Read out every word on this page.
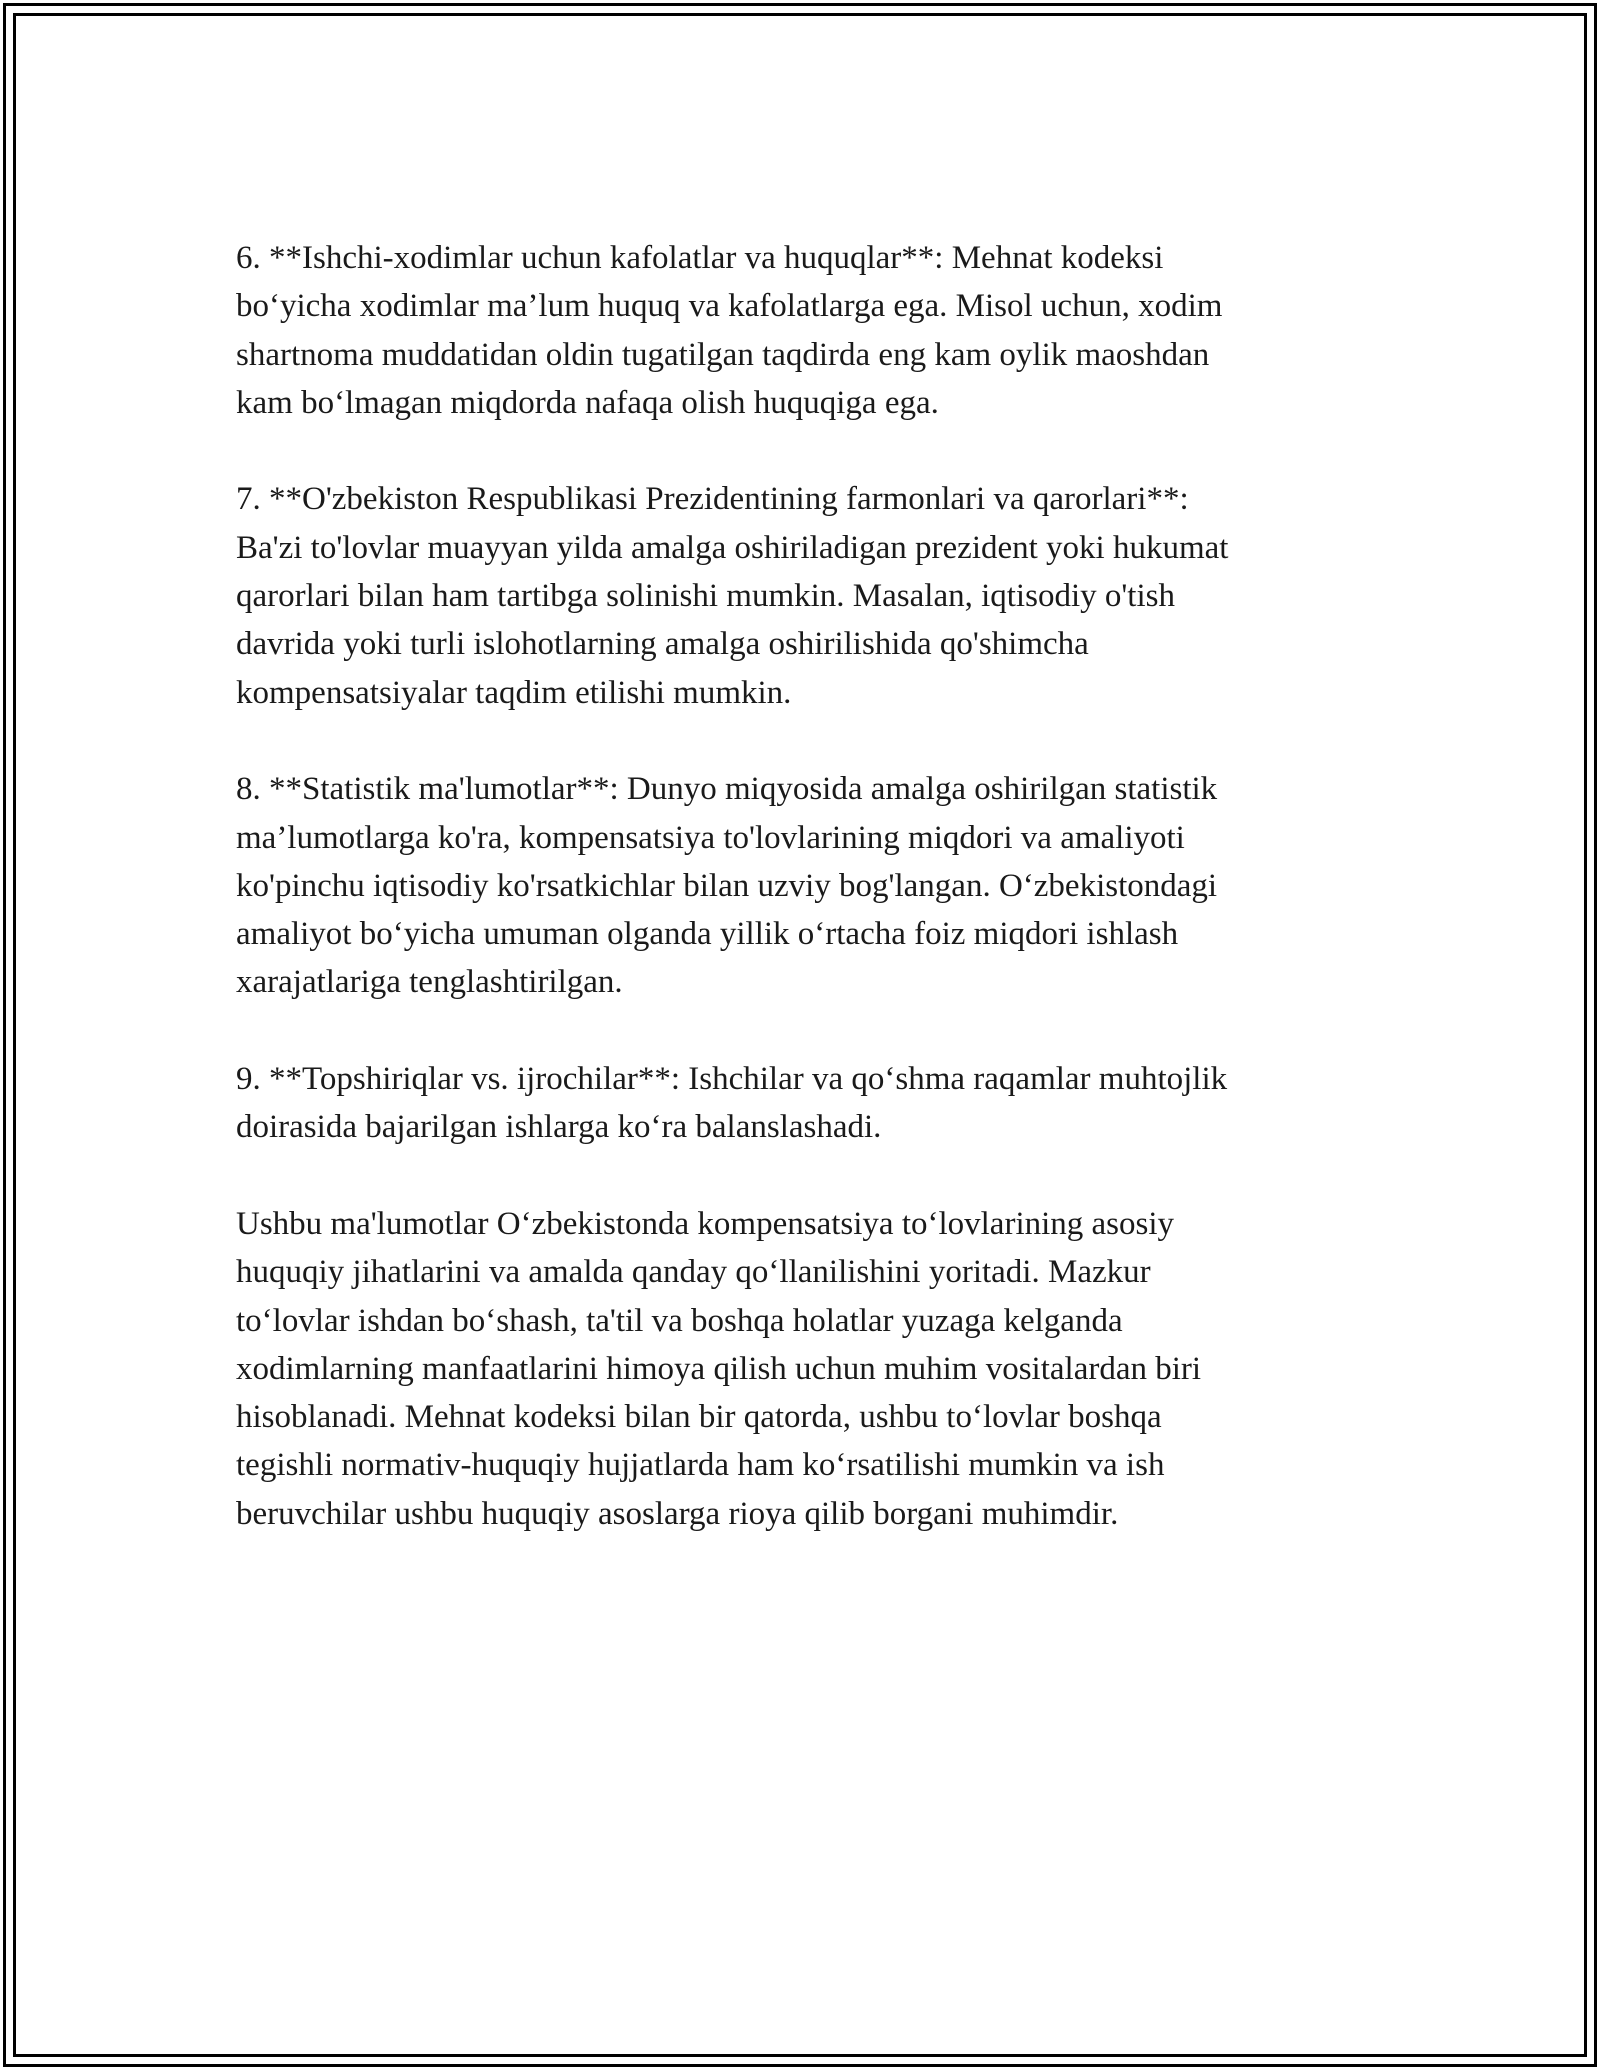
6. **Ishchi-xodimlar uchun kafolatlar va huquqlar**: Mehnat kodeksi
bo‘yicha xodimlar ma’lum huquq va kafolatlarga ega. Misol uchun, xodim
shartnoma muddatidan oldin tugatilgan taqdirda eng kam oylik maoshdan
kam bo‘lmagan miqdorda nafaqa olish huquqiga ega.

7. **O'zbekiston Respublikasi Prezidentining farmonlari va qarorlari**:
Ba'zi to'lovlar muayyan yilda amalga oshiriladigan prezident yoki hukumat
qarorlari bilan ham tartibga solinishi mumkin. Masalan, iqtisodiy o'tish
davrida yoki turli islohotlarning amalga oshirilishida qo'shimcha
kompensatsiyalar taqdim etilishi mumkin.

8. **Statistik ma'lumotlar**: Dunyo miqyosida amalga oshirilgan statistik
ma’lumotlarga ko'ra, kompensatsiya to'lovlarining miqdori va amaliyoti
ko'pinchu iqtisodiy ko'rsatkichlar bilan uzviy bog'langan. O‘zbekistondagi
amaliyot bo‘yicha umuman olganda yillik o‘rtacha foiz miqdori ishlash
xarajatlariga tenglashtirilgan.

9. **Topshiriqlar vs. ijrochilar**: Ishchilar va qo‘shma raqamlar muhtojlik
doirasida bajarilgan ishlarga ko‘ra balanslashadi.

Ushbu ma'lumotlar O‘zbekistonda kompensatsiya to‘lovlarining asosiy
huquqiy jihatlarini va amalda qanday qo‘llanilishini yoritadi. Mazkur
to‘lovlar ishdan bo‘shash, ta'til va boshqa holatlar yuzaga kelganda
xodimlarning manfaatlarini himoya qilish uchun muhim vositalardan biri
hisoblanadi. Mehnat kodeksi bilan bir qatorda, ushbu to‘lovlar boshqa
tegishli normativ-huquqiy hujjatlarda ham ko‘rsatilishi mumkin va ish
beruvchilar ushbu huquqiy asoslarga rioya qilib borgani muhimdir.
